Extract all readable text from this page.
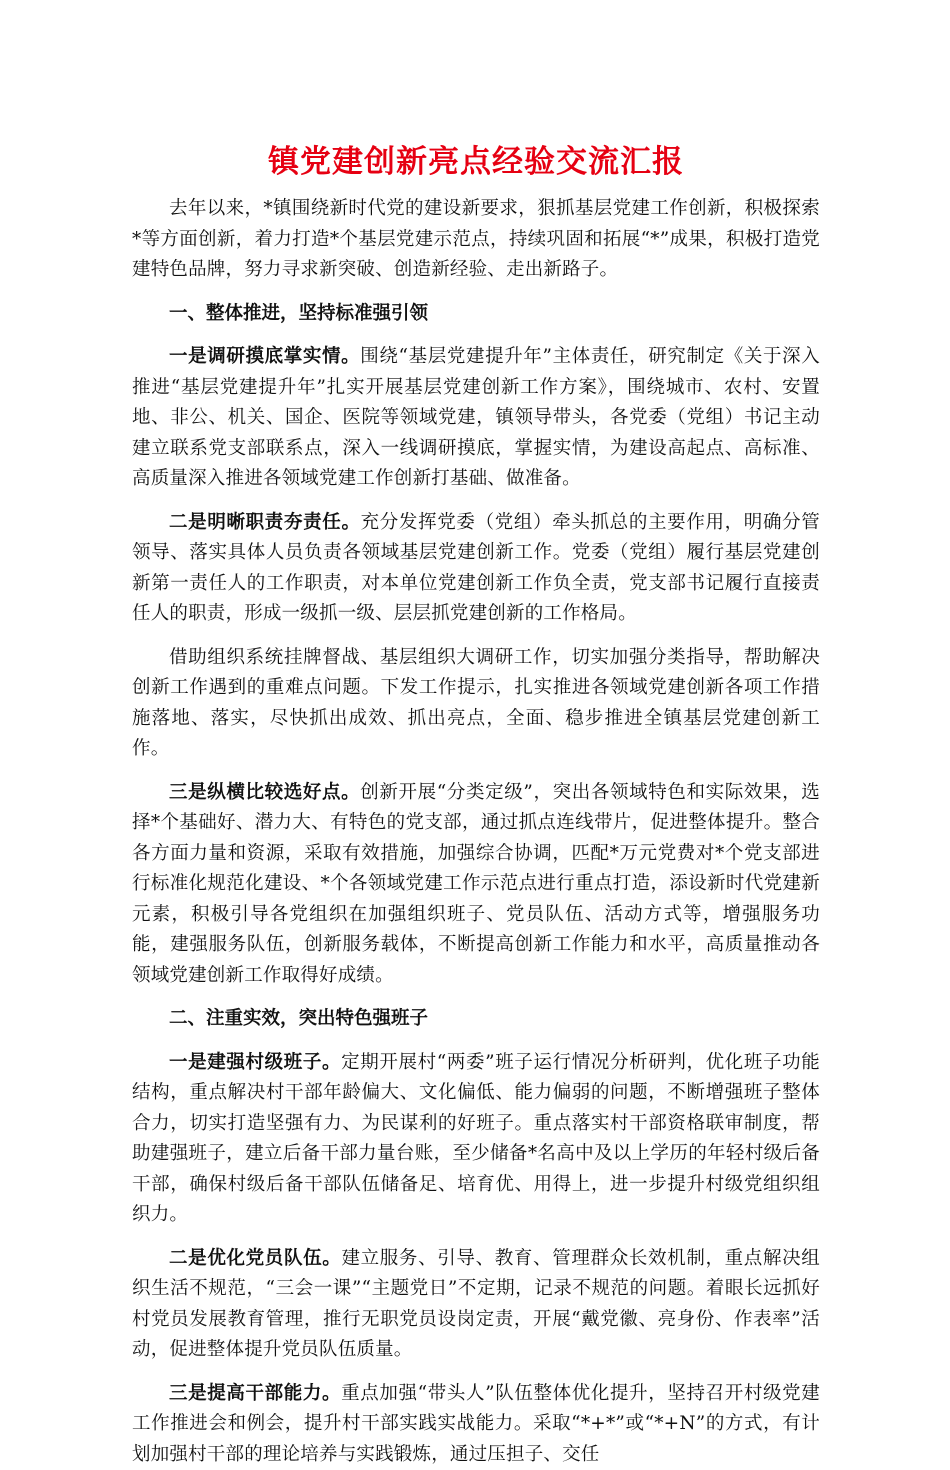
镇党建创新亮点经验交流汇报

去年以来，*镇围绕新时代党的建设新要求，狠抓基层党建工作创新，积极探索*等方面创新，着力打造*个基层党建示范点，持续巩固和拓展“*”成果，积极打造党建特色品牌，努力寻求新突破、创造新经验、走出新路子。

一、整体推进，坚持标准强引领

一是调研摸底掌实情。围绕“基层党建提升年”主体责任，研究制定《关于深入推进“基层党建提升年”扎实开展基层党建创新工作方案》，围绕城市、农村、安置地、非公、机关、国企、医院等领域党建，镇领导带头，各党委（党组）书记主动建立联系党支部联系点，深入一线调研摸底，掌握实情，为建设高起点、高标准、高质量深入推进各领域党建工作创新打基础、做准备。

二是明晰职责夯责任。充分发挥党委（党组）牵头抓总的主要作用，明确分管领导、落实具体人员负责各领域基层党建创新工作。党委（党组）履行基层党建创新第一责任人的工作职责，对本单位党建创新工作负全责，党支部书记履行直接责任人的职责，形成一级抓一级、层层抓党建创新的工作格局。

借助组织系统挂牌督战、基层组织大调研工作，切实加强分类指导，帮助解决创新工作遇到的重难点问题。下发工作提示，扎实推进各领域党建创新各项工作措施落地、落实，尽快抓出成效、抓出亮点，全面、稳步推进全镇基层党建创新工作。

三是纵横比较选好点。创新开展“分类定级”，突出各领域特色和实际效果，选择*个基础好、潜力大、有特色的党支部，通过抓点连线带片，促进整体提升。整合各方面力量和资源，采取有效措施，加强综合协调，匹配*万元党费对*个党支部进行标准化规范化建设、*个各领域党建工作示范点进行重点打造，添设新时代党建新元素，积极引导各党组织在加强组织班子、党员队伍、活动方式等，增强服务功能，建强服务队伍，创新服务载体，不断提高创新工作能力和水平，高质量推动各领域党建创新工作取得好成绩。

二、注重实效，突出特色强班子

一是建强村级班子。定期开展村“两委”班子运行情况分析研判，优化班子功能结构，重点解决村干部年龄偏大、文化偏低、能力偏弱的问题，不断增强班子整体合力，切实打造坚强有力、为民谋利的好班子。重点落实村干部资格联审制度，帮助建强班子，建立后备干部力量台账，至少储备*名高中及以上学历的年轻村级后备干部，确保村级后备干部队伍储备足、培育优、用得上，进一步提升村级党组织组织力。

二是优化党员队伍。建立服务、引导、教育、管理群众长效机制，重点解决组织生活不规范，“三会一课”“主题党日”不定期，记录不规范的问题。着眼长远抓好村党员发展教育管理，推行无职党员设岗定责，开展“戴党徽、亮身份、作表率”活动，促进整体提升党员队伍质量。

三是提高干部能力。重点加强“带头人”队伍整体优化提升，坚持召开村级党建工作推进会和例会，提升村干部实践实战能力。采取“*+*”或“*+N”的方式，有计划加强村干部的理论培养与实践锻炼，通过压担子、交任
